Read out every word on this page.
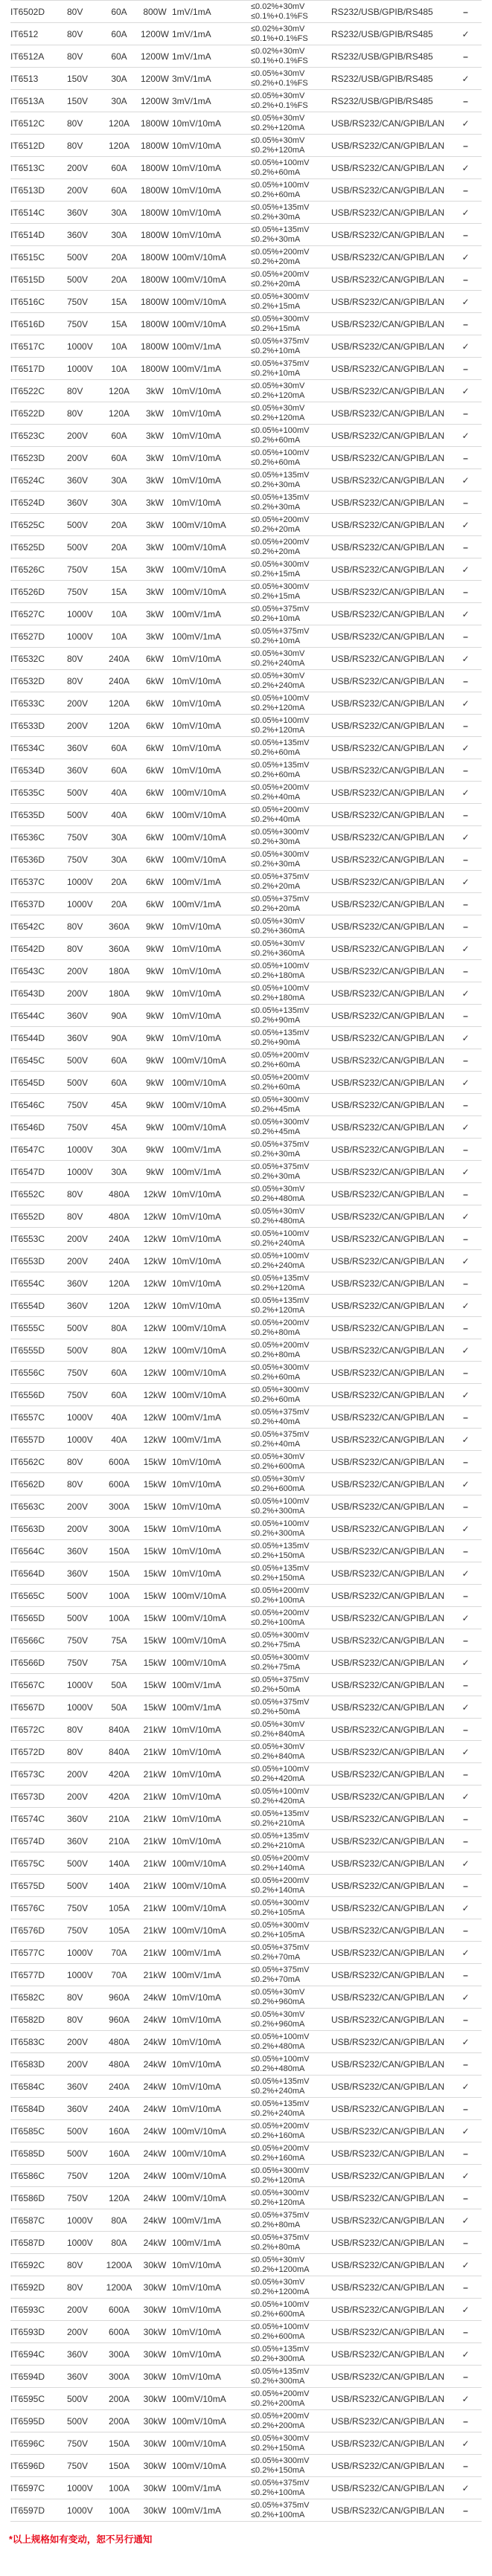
IT6502D	80V	60A	800W	1mV/1mA	≤0.02%+30mV
≤0.1%+0.1%FS	RS232/USB/GPIB/RS485	–
IT6512	80V	60A	1200W	1mV/1mA	≤0.02%+30mV
≤0.1%+0.1%FS	RS232/USB/GPIB/RS485	✓
IT6512A	80V	60A	1200W	1mV/1mA	≤0.02%+30mV
≤0.1%+0.1%FS	RS232/USB/GPIB/RS485	–
IT6513	150V	30A	1200W	3mV/1mA	≤0.05%+30mV
≤0.2%+0.1%FS	RS232/USB/GPIB/RS485	✓
IT6513A	150V	30A	1200W	3mV/1mA	≤0.05%+30mV
≤0.2%+0.1%FS	RS232/USB/GPIB/RS485	–
IT6512C	80V	120A	1800W	10mV/10mA	≤0.05%+30mV
≤0.2%+120mA	USB/RS232/CAN/GPIB/LAN	✓
IT6512D	80V	120A	1800W	10mV/10mA	≤0.05%+30mV
≤0.2%+120mA	USB/RS232/CAN/GPIB/LAN	–
IT6513C	200V	60A	1800W	10mV/10mA	≤0.05%+100mV
≤0.2%+60mA	USB/RS232/CAN/GPIB/LAN	✓
IT6513D	200V	60A	1800W	10mV/10mA	≤0.05%+100mV
≤0.2%+60mA	USB/RS232/CAN/GPIB/LAN	–
IT6514C	360V	30A	1800W	10mV/10mA	≤0.05%+135mV
≤0.2%+30mA	USB/RS232/CAN/GPIB/LAN	✓
IT6514D	360V	30A	1800W	10mV/10mA	≤0.05%+135mV
≤0.2%+30mA	USB/RS232/CAN/GPIB/LAN	–
IT6515C	500V	20A	1800W	100mV/10mA	≤0.05%+200mV
≤0.2%+20mA	USB/RS232/CAN/GPIB/LAN	✓
IT6515D	500V	20A	1800W	100mV/10mA	≤0.05%+200mV
≤0.2%+20mA	USB/RS232/CAN/GPIB/LAN	–
IT6516C	750V	15A	1800W	100mV/10mA	≤0.05%+300mV
≤0.2%+15mA	USB/RS232/CAN/GPIB/LAN	✓
IT6516D	750V	15A	1800W	100mV/10mA	≤0.05%+300mV
≤0.2%+15mA	USB/RS232/CAN/GPIB/LAN	–
IT6517C	1000V	10A	1800W	100mV/1mA	≤0.05%+375mV
≤0.2%+10mA	USB/RS232/CAN/GPIB/LAN	✓
IT6517D	1000V	10A	1800W	100mV/1mA	≤0.05%+375mV
≤0.2%+10mA	USB/RS232/CAN/GPIB/LAN	–
IT6522C	80V	120A	3kW	10mV/10mA	≤0.05%+30mV
≤0.2%+120mA	USB/RS232/CAN/GPIB/LAN	✓
IT6522D	80V	120A	3kW	10mV/10mA	≤0.05%+30mV
≤0.2%+120mA	USB/RS232/CAN/GPIB/LAN	–
IT6523C	200V	60A	3kW	10mV/10mA	≤0.05%+100mV
≤0.2%+60mA	USB/RS232/CAN/GPIB/LAN	✓
IT6523D	200V	60A	3kW	10mV/10mA	≤0.05%+100mV
≤0.2%+60mA	USB/RS232/CAN/GPIB/LAN	–
IT6524C	360V	30A	3kW	10mV/10mA	≤0.05%+135mV
≤0.2%+30mA	USB/RS232/CAN/GPIB/LAN	✓
IT6524D	360V	30A	3kW	10mV/10mA	≤0.05%+135mV
≤0.2%+30mA	USB/RS232/CAN/GPIB/LAN	–
IT6525C	500V	20A	3kW	100mV/10mA	≤0.05%+200mV
≤0.2%+20mA	USB/RS232/CAN/GPIB/LAN	✓
IT6525D	500V	20A	3kW	100mV/10mA	≤0.05%+200mV
≤0.2%+20mA	USB/RS232/CAN/GPIB/LAN	–
IT6526C	750V	15A	3kW	100mV/10mA	≤0.05%+300mV
≤0.2%+15mA	USB/RS232/CAN/GPIB/LAN	✓
IT6526D	750V	15A	3kW	100mV/10mA	≤0.05%+300mV
≤0.2%+15mA	USB/RS232/CAN/GPIB/LAN	–
IT6527C	1000V	10A	3kW	100mV/1mA	≤0.05%+375mV
≤0.2%+10mA	USB/RS232/CAN/GPIB/LAN	✓
IT6527D	1000V	10A	3kW	100mV/1mA	≤0.05%+375mV
≤0.2%+10mA	USB/RS232/CAN/GPIB/LAN	–
IT6532C	80V	240A	6kW	10mV/10mA	≤0.05%+30mV
≤0.2%+240mA	USB/RS232/CAN/GPIB/LAN	✓
IT6532D	80V	240A	6kW	10mV/10mA	≤0.05%+30mV
≤0.2%+240mA	USB/RS232/CAN/GPIB/LAN	–
IT6533C	200V	120A	6kW	10mV/10mA	≤0.05%+100mV
≤0.2%+120mA	USB/RS232/CAN/GPIB/LAN	✓
IT6533D	200V	120A	6kW	10mV/10mA	≤0.05%+100mV
≤0.2%+120mA	USB/RS232/CAN/GPIB/LAN	–
IT6534C	360V	60A	6kW	10mV/10mA	≤0.05%+135mV
≤0.2%+60mA	USB/RS232/CAN/GPIB/LAN	✓
IT6534D	360V	60A	6kW	10mV/10mA	≤0.05%+135mV
≤0.2%+60mA	USB/RS232/CAN/GPIB/LAN	–
IT6535C	500V	40A	6kW	100mV/10mA	≤0.05%+200mV
≤0.2%+40mA	USB/RS232/CAN/GPIB/LAN	✓
IT6535D	500V	40A	6kW	100mV/10mA	≤0.05%+200mV
≤0.2%+40mA	USB/RS232/CAN/GPIB/LAN	–
IT6536C	750V	30A	6kW	100mV/10mA	≤0.05%+300mV
≤0.2%+30mA	USB/RS232/CAN/GPIB/LAN	✓
IT6536D	750V	30A	6kW	100mV/10mA	≤0.05%+300mV
≤0.2%+30mA	USB/RS232/CAN/GPIB/LAN	–
IT6537C	1000V	20A	6kW	100mV/1mA	≤0.05%+375mV
≤0.2%+20mA	USB/RS232/CAN/GPIB/LAN	✓
IT6537D	1000V	20A	6kW	100mV/1mA	≤0.05%+375mV
≤0.2%+20mA	USB/RS232/CAN/GPIB/LAN	–
IT6542C	80V	360A	9kW	10mV/10mA	≤0.05%+30mV
≤0.2%+360mA	USB/RS232/CAN/GPIB/LAN	–
IT6542D	80V	360A	9kW	10mV/10mA	≤0.05%+30mV
≤0.2%+360mA	USB/RS232/CAN/GPIB/LAN	✓
IT6543C	200V	180A	9kW	10mV/10mA	≤0.05%+100mV
≤0.2%+180mA	USB/RS232/CAN/GPIB/LAN	–
IT6543D	200V	180A	9kW	10mV/10mA	≤0.05%+100mV
≤0.2%+180mA	USB/RS232/CAN/GPIB/LAN	✓
IT6544C	360V	90A	9kW	10mV/10mA	≤0.05%+135mV
≤0.2%+90mA	USB/RS232/CAN/GPIB/LAN	–
IT6544D	360V	90A	9kW	10mV/10mA	≤0.05%+135mV
≤0.2%+90mA	USB/RS232/CAN/GPIB/LAN	✓
IT6545C	500V	60A	9kW	100mV/10mA	≤0.05%+200mV
≤0.2%+60mA	USB/RS232/CAN/GPIB/LAN	–
IT6545D	500V	60A	9kW	100mV/10mA	≤0.05%+200mV
≤0.2%+60mA	USB/RS232/CAN/GPIB/LAN	✓
IT6546C	750V	45A	9kW	100mV/10mA	≤0.05%+300mV
≤0.2%+45mA	USB/RS232/CAN/GPIB/LAN	–
IT6546D	750V	45A	9kW	100mV/10mA	≤0.05%+300mV
≤0.2%+45mA	USB/RS232/CAN/GPIB/LAN	✓
IT6547C	1000V	30A	9kW	100mV/1mA	≤0.05%+375mV
≤0.2%+30mA	USB/RS232/CAN/GPIB/LAN	–
IT6547D	1000V	30A	9kW	100mV/1mA	≤0.05%+375mV
≤0.2%+30mA	USB/RS232/CAN/GPIB/LAN	✓
IT6552C	80V	480A	12kW	10mV/10mA	≤0.05%+30mV
≤0.2%+480mA	USB/RS232/CAN/GPIB/LAN	–
IT6552D	80V	480A	12kW	10mV/10mA	≤0.05%+30mV
≤0.2%+480mA	USB/RS232/CAN/GPIB/LAN	✓
IT6553C	200V	240A	12kW	10mV/10mA	≤0.05%+100mV
≤0.2%+240mA	USB/RS232/CAN/GPIB/LAN	–
IT6553D	200V	240A	12kW	10mV/10mA	≤0.05%+100mV
≤0.2%+240mA	USB/RS232/CAN/GPIB/LAN	✓
IT6554C	360V	120A	12kW	10mV/10mA	≤0.05%+135mV
≤0.2%+120mA	USB/RS232/CAN/GPIB/LAN	–
IT6554D	360V	120A	12kW	10mV/10mA	≤0.05%+135mV
≤0.2%+120mA	USB/RS232/CAN/GPIB/LAN	✓
IT6555C	500V	80A	12kW	100mV/10mA	≤0.05%+200mV
≤0.2%+80mA	USB/RS232/CAN/GPIB/LAN	–
IT6555D	500V	80A	12kW	100mV/10mA	≤0.05%+200mV
≤0.2%+80mA	USB/RS232/CAN/GPIB/LAN	✓
IT6556C	750V	60A	12kW	100mV/10mA	≤0.05%+300mV
≤0.2%+60mA	USB/RS232/CAN/GPIB/LAN	–
IT6556D	750V	60A	12kW	100mV/10mA	≤0.05%+300mV
≤0.2%+60mA	USB/RS232/CAN/GPIB/LAN	✓
IT6557C	1000V	40A	12kW	100mV/1mA	≤0.05%+375mV
≤0.2%+40mA	USB/RS232/CAN/GPIB/LAN	–
IT6557D	1000V	40A	12kW	100mV/1mA	≤0.05%+375mV
≤0.2%+40mA	USB/RS232/CAN/GPIB/LAN	✓
IT6562C	80V	600A	15kW	10mV/10mA	≤0.05%+30mV
≤0.2%+600mA	USB/RS232/CAN/GPIB/LAN	–
IT6562D	80V	600A	15kW	10mV/10mA	≤0.05%+30mV
≤0.2%+600mA	USB/RS232/CAN/GPIB/LAN	✓
IT6563C	200V	300A	15kW	10mV/10mA	≤0.05%+100mV
≤0.2%+300mA	USB/RS232/CAN/GPIB/LAN	–
IT6563D	200V	300A	15kW	10mV/10mA	≤0.05%+100mV
≤0.2%+300mA	USB/RS232/CAN/GPIB/LAN	✓
IT6564C	360V	150A	15kW	10mV/10mA	≤0.05%+135mV
≤0.2%+150mA	USB/RS232/CAN/GPIB/LAN	–
IT6564D	360V	150A	15kW	10mV/10mA	≤0.05%+135mV
≤0.2%+150mA	USB/RS232/CAN/GPIB/LAN	✓
IT6565C	500V	100A	15kW	100mV/10mA	≤0.05%+200mV
≤0.2%+100mA	USB/RS232/CAN/GPIB/LAN	–
IT6565D	500V	100A	15kW	100mV/10mA	≤0.05%+200mV
≤0.2%+100mA	USB/RS232/CAN/GPIB/LAN	✓
IT6566C	750V	75A	15kW	100mV/10mA	≤0.05%+300mV
≤0.2%+75mA	USB/RS232/CAN/GPIB/LAN	–
IT6566D	750V	75A	15kW	100mV/10mA	≤0.05%+300mV
≤0.2%+75mA	USB/RS232/CAN/GPIB/LAN	✓
IT6567C	1000V	50A	15kW	100mV/1mA	≤0.05%+375mV
≤0.2%+50mA	USB/RS232/CAN/GPIB/LAN	–
IT6567D	1000V	50A	15kW	100mV/1mA	≤0.05%+375mV
≤0.2%+50mA	USB/RS232/CAN/GPIB/LAN	✓
IT6572C	80V	840A	21kW	10mV/10mA	≤0.05%+30mV
≤0.2%+840mA	USB/RS232/CAN/GPIB/LAN	–
IT6572D	80V	840A	21kW	10mV/10mA	≤0.05%+30mV
≤0.2%+840mA	USB/RS232/CAN/GPIB/LAN	✓
IT6573C	200V	420A	21kW	10mV/10mA	≤0.05%+100mV
≤0.2%+420mA	USB/RS232/CAN/GPIB/LAN	–
IT6573D	200V	420A	21kW	10mV/10mA	≤0.05%+100mV
≤0.2%+420mA	USB/RS232/CAN/GPIB/LAN	✓
IT6574C	360V	210A	21kW	10mV/10mA	≤0.05%+135mV
≤0.2%+210mA	USB/RS232/CAN/GPIB/LAN	–
IT6574D	360V	210A	21kW	10mV/10mA	≤0.05%+135mV
≤0.2%+210mA	USB/RS232/CAN/GPIB/LAN	–
IT6575C	500V	140A	21kW	100mV/10mA	≤0.05%+200mV
≤0.2%+140mA	USB/RS232/CAN/GPIB/LAN	✓
IT6575D	500V	140A	21kW	100mV/10mA	≤0.05%+200mV
≤0.2%+140mA	USB/RS232/CAN/GPIB/LAN	–
IT6576C	750V	105A	21kW	100mV/10mA	≤0.05%+300mV
≤0.2%+105mA	USB/RS232/CAN/GPIB/LAN	✓
IT6576D	750V	105A	21kW	100mV/10mA	≤0.05%+300mV
≤0.2%+105mA	USB/RS232/CAN/GPIB/LAN	–
IT6577C	1000V	70A	21kW	100mV/1mA	≤0.05%+375mV
≤0.2%+70mA	USB/RS232/CAN/GPIB/LAN	✓
IT6577D	1000V	70A	21kW	100mV/1mA	≤0.05%+375mV
≤0.2%+70mA	USB/RS232/CAN/GPIB/LAN	–
IT6582C	80V	960A	24kW	10mV/10mA	≤0.05%+30mV
≤0.2%+960mA	USB/RS232/CAN/GPIB/LAN	✓
IT6582D	80V	960A	24kW	10mV/10mA	≤0.05%+30mV
≤0.2%+960mA	USB/RS232/CAN/GPIB/LAN	–
IT6583C	200V	480A	24kW	10mV/10mA	≤0.05%+100mV
≤0.2%+480mA	USB/RS232/CAN/GPIB/LAN	✓
IT6583D	200V	480A	24kW	10mV/10mA	≤0.05%+100mV
≤0.2%+480mA	USB/RS232/CAN/GPIB/LAN	–
IT6584C	360V	240A	24kW	10mV/10mA	≤0.05%+135mV
≤0.2%+240mA	USB/RS232/CAN/GPIB/LAN	✓
IT6584D	360V	240A	24kW	10mV/10mA	≤0.05%+135mV
≤0.2%+240mA	USB/RS232/CAN/GPIB/LAN	–
IT6585C	500V	160A	24kW	100mV/10mA	≤0.05%+200mV
≤0.2%+160mA	USB/RS232/CAN/GPIB/LAN	✓
IT6585D	500V	160A	24kW	100mV/10mA	≤0.05%+200mV
≤0.2%+160mA	USB/RS232/CAN/GPIB/LAN	–
IT6586C	750V	120A	24kW	100mV/10mA	≤0.05%+300mV
≤0.2%+120mA	USB/RS232/CAN/GPIB/LAN	✓
IT6586D	750V	120A	24kW	100mV/10mA	≤0.05%+300mV
≤0.2%+120mA	USB/RS232/CAN/GPIB/LAN	–
IT6587C	1000V	80A	24kW	100mV/1mA	≤0.05%+375mV
≤0.2%+80mA	USB/RS232/CAN/GPIB/LAN	✓
IT6587D	1000V	80A	24kW	100mV/1mA	≤0.05%+375mV
≤0.2%+80mA	USB/RS232/CAN/GPIB/LAN	–
IT6592C	80V	1200A	30kW	10mV/10mA	≤0.05%+30mV
≤0.2%+1200mA	USB/RS232/CAN/GPIB/LAN	✓
IT6592D	80V	1200A	30kW	10mV/10mA	≤0.05%+30mV
≤0.2%+1200mA	USB/RS232/CAN/GPIB/LAN	–
IT6593C	200V	600A	30kW	10mV/10mA	≤0.05%+100mV
≤0.2%+600mA	USB/RS232/CAN/GPIB/LAN	✓
IT6593D	200V	600A	30kW	10mV/10mA	≤0.05%+100mV
≤0.2%+600mA	USB/RS232/CAN/GPIB/LAN	–
IT6594C	360V	300A	30kW	10mV/10mA	≤0.05%+135mV
≤0.2%+300mA	USB/RS232/CAN/GPIB/LAN	✓
IT6594D	360V	300A	30kW	10mV/10mA	≤0.05%+135mV
≤0.2%+300mA	USB/RS232/CAN/GPIB/LAN	–
IT6595C	500V	200A	30kW	100mV/10mA	≤0.05%+200mV
≤0.2%+200mA	USB/RS232/CAN/GPIB/LAN	✓
IT6595D	500V	200A	30kW	100mV/10mA	≤0.05%+200mV
≤0.2%+200mA	USB/RS232/CAN/GPIB/LAN	–
IT6596C	750V	150A	30kW	100mV/10mA	≤0.05%+300mV
≤0.2%+150mA	USB/RS232/CAN/GPIB/LAN	✓
IT6596D	750V	150A	30kW	100mV/10mA	≤0.05%+300mV
≤0.2%+150mA	USB/RS232/CAN/GPIB/LAN	–
IT6597C	1000V	100A	30kW	100mV/1mA	≤0.05%+375mV
≤0.2%+100mA	USB/RS232/CAN/GPIB/LAN	✓
IT6597D	1000V	100A	30kW	100mV/1mA	≤0.05%+375mV
≤0.2%+100mA	USB/RS232/CAN/GPIB/LAN	–
*以上规格如有变动，恕不另行通知
